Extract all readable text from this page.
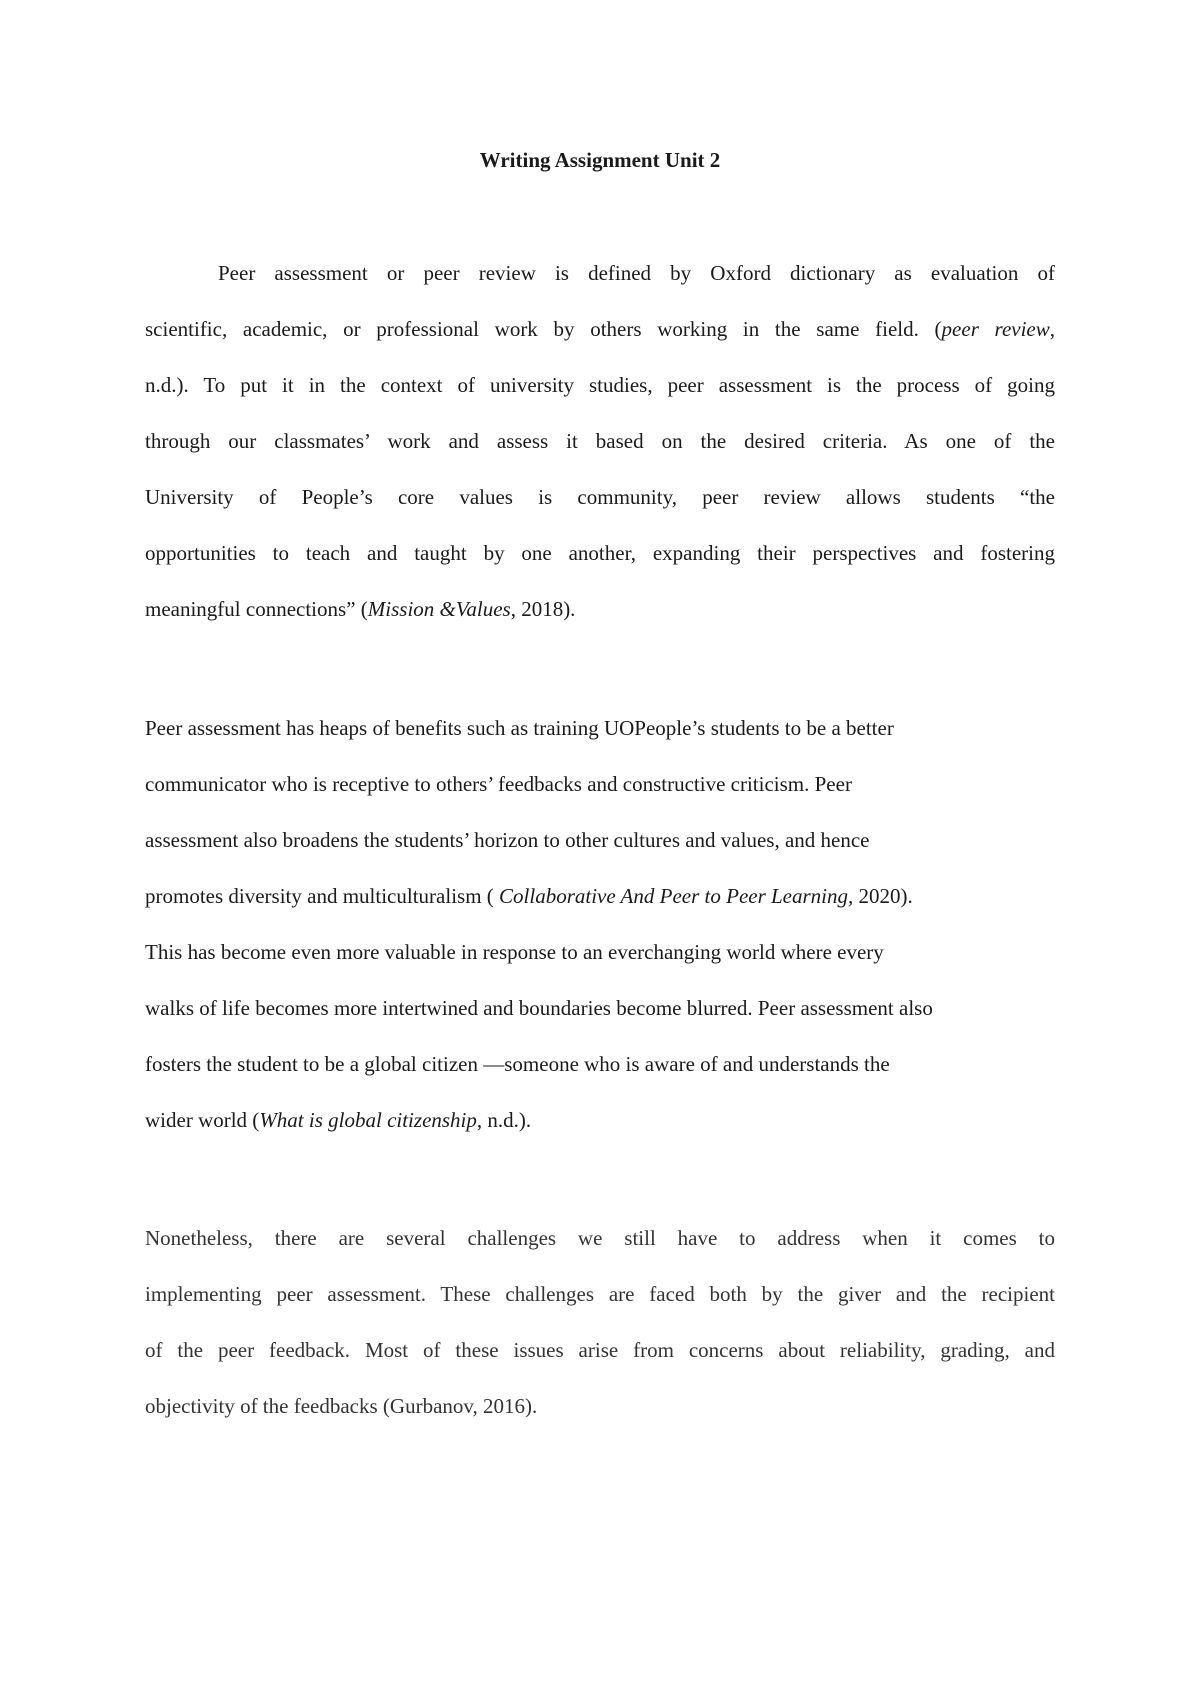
Writing Assignment Unit 2
Peer assessment or peer review is defined by Oxford dictionary as evaluation of
scientific, academic, or professional work by others working in the same field. (peer review,
n.d.). To put it in the context of university studies, peer assessment is the process of going
through our classmates’ work and assess it based on the desired criteria. As one of the
University of People’s core values is community, peer review allows students “the
opportunities to teach and taught by one another, expanding their perspectives and fostering
meaningful connections” (Mission &Values, 2018).
Peer assessment has heaps of benefits such as training UOPeople’s students to be a better
communicator who is receptive to others’ feedbacks and constructive criticism. Peer
assessment also broadens the students’ horizon to other cultures and values, and hence
promotes diversity and multiculturalism ( Collaborative And Peer to Peer Learning, 2020).
This has become even more valuable in response to an everchanging world where every
walks of life becomes more intertwined and boundaries become blurred. Peer assessment also
fosters the student to be a global citizen —someone who is aware of and understands the
wider world (What is global citizenship, n.d.).
Nonetheless, there are several challenges we still have to address when it comes to
implementing peer assessment. These challenges are faced both by the giver and the recipient
of the peer feedback. Most of these issues arise from concerns about reliability, grading, and
objectivity of the feedbacks (Gurbanov, 2016).
